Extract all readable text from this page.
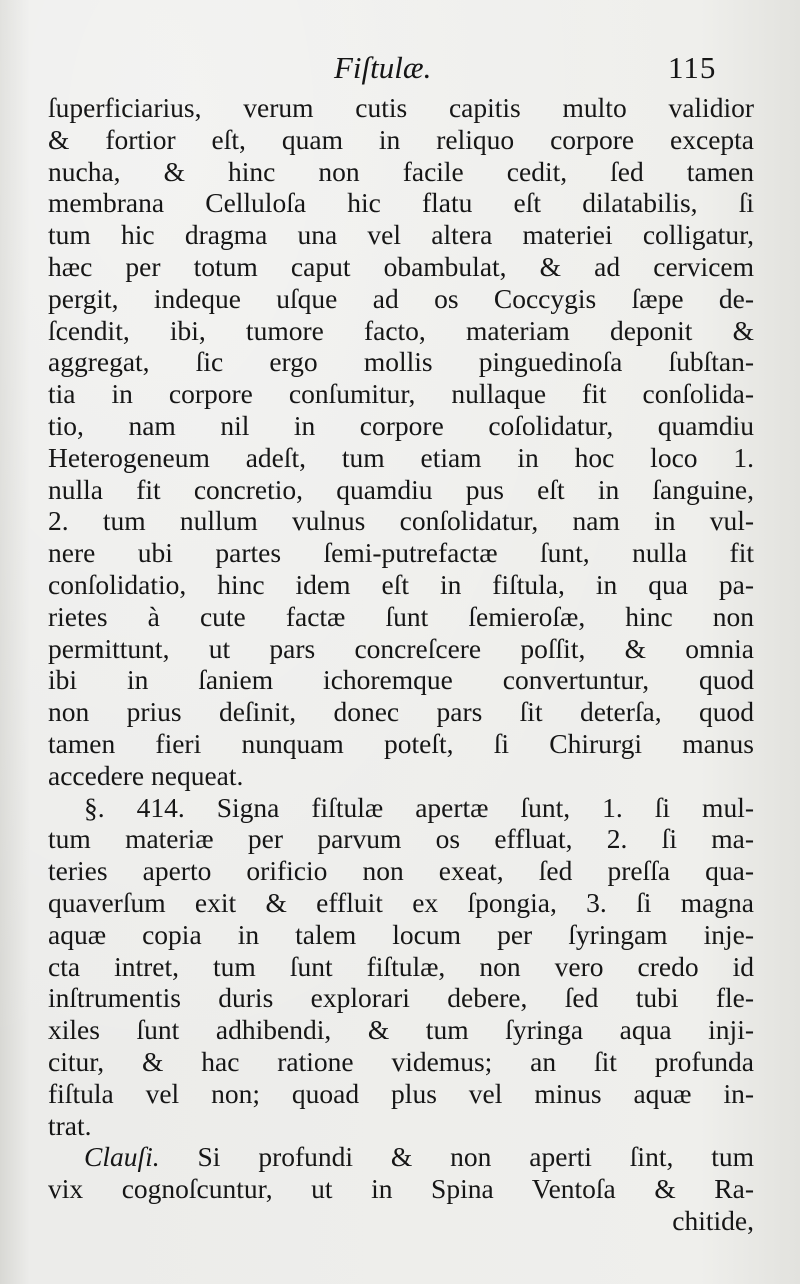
Fiſtulæ.	115
ſuperficiarius, verum cutis capitis multo validior
& fortior eſt, quam in reliquo corpore excepta
nucha, & hinc non facile cedit, ſed tamen
membrana Celluloſa hic flatu eſt dilatabilis, ſi
tum hic dragma una vel altera materiei colligatur,
hæc per totum caput obambulat, & ad cervicem
pergit, indeque uſque ad os Coccygis ſæpe de-
ſcendit, ibi, tumore facto, materiam deponit &
aggregat, ſic ergo mollis pinguedinoſa ſubſtan-
tia in corpore conſumitur, nullaque fit conſolida-
tio, nam nil in corpore coſolidatur, quamdiu
Heterogeneum adeſt, tum etiam in hoc loco 1.
nulla fit concretio, quamdiu pus eſt in ſanguine,
2. tum nullum vulnus conſolidatur, nam in vul-
nere ubi partes ſemi-putrefactæ ſunt, nulla fit
conſolidatio, hinc idem eſt in fiſtula, in qua pa-
rietes à cute factæ ſunt ſemieroſæ, hinc non
permittunt, ut pars concreſcere poſſit, & omnia
ibi in ſaniem ichoremque convertuntur, quod
non prius deſinit, donec pars ſit deterſa, quod
tamen fieri nunquam poteſt, ſi Chirurgi manus
accedere nequeat.
§. 414. Signa fiſtulæ apertæ ſunt, 1. ſi mul-
tum materiæ per parvum os effluat, 2. ſi ma-
teries aperto orificio non exeat, ſed preſſa qua-
quaverſum exit & effluit ex ſpongia, 3. ſi magna
aquæ copia in talem locum per ſyringam inje-
cta intret, tum ſunt fiſtulæ, non vero credo id
inſtrumentis duris explorari debere, ſed tubi fle-
xiles ſunt adhibendi, & tum ſyringa aqua inji-
citur, & hac ratione videmus; an ſit profunda
fiſtula vel non; quoad plus vel minus aquæ in-
trat.
Clauſi. Si profundi & non aperti ſint, tum
vix cognoſcuntur, ut in Spina Ventoſa & Ra-
chitide,
